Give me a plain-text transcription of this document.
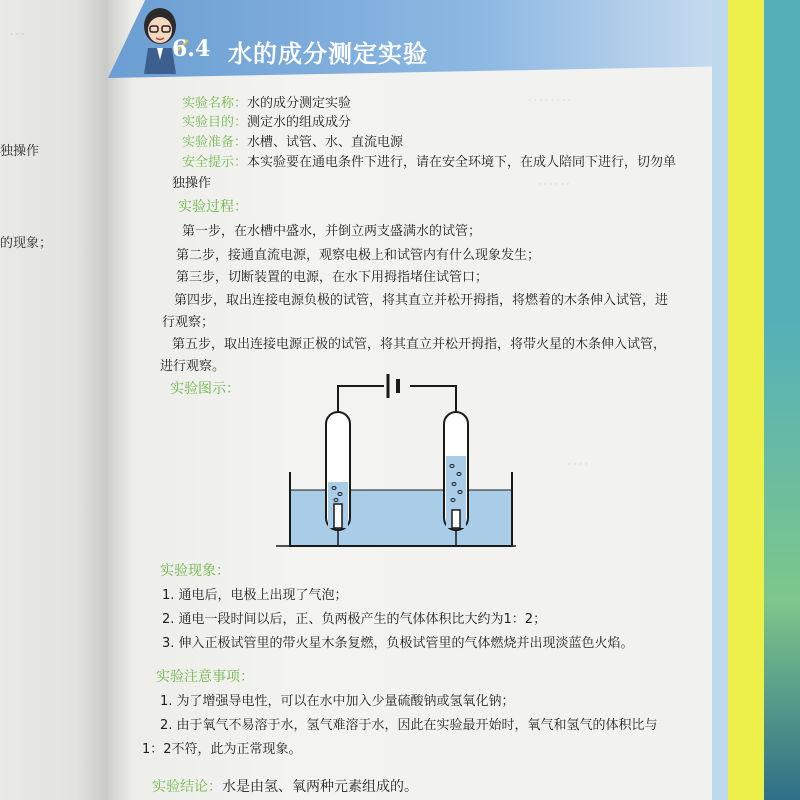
· · ·
独操作
的现象；
6.4 水的成分测定实验
实验名称：水的成分测定实验
实验目的：测定水的组成成分
实验准备：水槽、试管、水、直流电源
安全提示：本实验要在通电条件下进行，请在安全环境下，在成人陪同下进行，切勿单
独操作
实验过程：
第一步，在水槽中盛水，并倒立两支盛满水的试管；
第二步，接通直流电源，观察电极上和试管内有什么现象发生；
第三步，切断装置的电源，在水下用拇指堵住试管口；
第四步，取出连接电源负极的试管，将其直立并松开拇指，将燃着的木条伸入试管，进
行观察；
第五步，取出连接电源正极的试管，将其直立并松开拇指，将带火星的木条伸入试管，
进行观察。
实验图示：
实验现象：
1. 通电后，电极上出现了气泡；
2. 通电一段时间以后，正、负两极产生的气体体积比大约为1：2；
3. 伸入正极试管里的带火星木条复燃，负极试管里的气体燃烧并出现淡蓝色火焰。
实验注意事项：
1. 为了增强导电性，可以在水中加入少量硫酸钠或氢氧化钠；
2. 由于氧气不易溶于水，氢气难溶于水，因此在实验最开始时，氧气和氢气的体积比与
1：2不符，此为正常现象。
实验结论：水是由氢、氧两种元素组成的。
· · · · · · · ·
· · · · · ·
· · · ·
